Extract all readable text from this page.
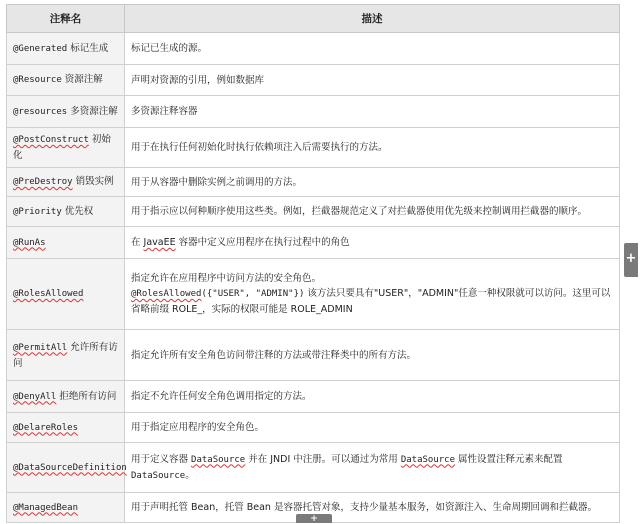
注释名	描述
@Generated 标记生成	标记已生成的源。
@Resource 资源注解	声明对资源的引用，例如数据库
@resources 多资源注解	多资源注释容器
@PostConstruct 初始化	用于在执行任何初始化时执行依赖项注入后需要执行的方法。
@PreDestroy 销毁实例	用于从容器中删除实例之前调用的方法。
@Priority 优先权	用于指示应以何种顺序使用这些类。例如，拦截器规范定义了对拦截器使用优先级来控制调用拦截器的顺序。
@RunAs	在 JavaEE 容器中定义应用程序在执行过程中的角色
@RolesAllowed	指定允许在应用程序中访问方法的安全角色。
@RolesAllowed({"USER", "ADMIN"}) 该方法只要具有"USER"，"ADMIN"任意一种权限就可以访问。这里可以省略前缀 ROLE_，实际的权限可能是 ROLE_ADMIN

@PermitAll 允许所有访问	指定允许所有安全角色访问带注释的方法或带注释类中的所有方法。
@DenyAll 拒绝所有访问	指定不允许任何安全角色调用指定的方法。
@DelareRoles	用于指定应用程序的安全角色。
@DataSourceDefinition	用于定义容器 DataSource 并在 JNDI 中注册。可以通过为常用 DataSource 属性设置注释元素来配置 DataSource。
@ManagedBean	用于声明托管 Bean，托管 Bean 是容器托管对象，支持少量基本服务，如资源注入、生命周期回调和拦截器。
+
+
